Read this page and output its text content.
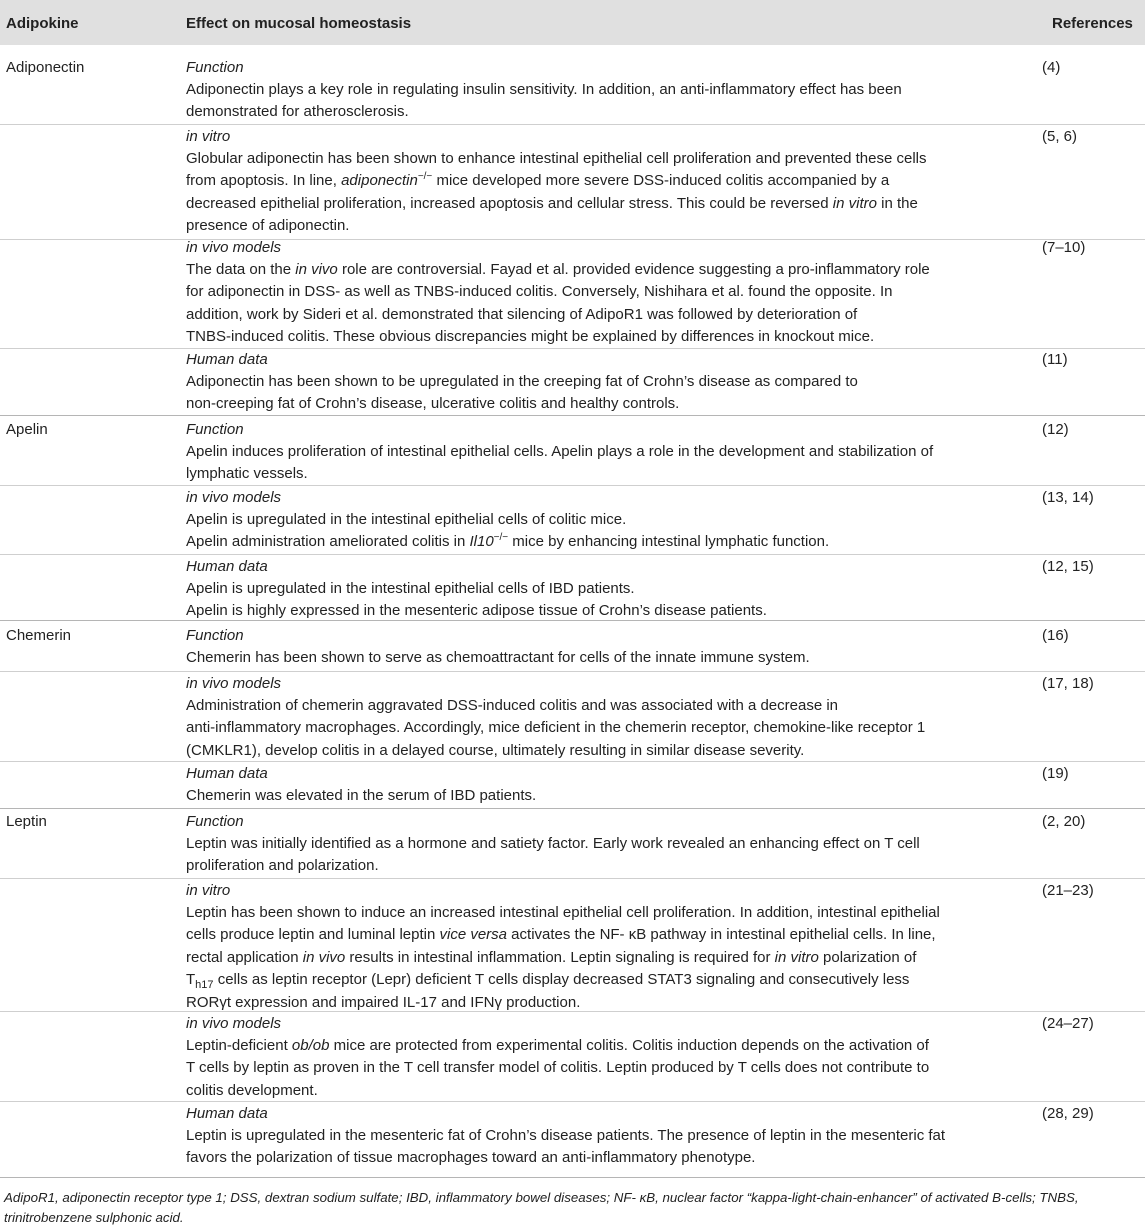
Adipokine	Effect on mucosal homeostasis	References
Adiponectin
Apelin
Chemerin
Leptin
Function
Adiponectin plays a key role in regulating insulin sensitivity. In addition, an anti-inflammatory effect has been
demonstrated for atherosclerosis.
(4)
in vitro
Globular adiponectin has been shown to enhance intestinal epithelial cell proliferation and prevented these cells
from apoptosis. In line, adiponectin−/− mice developed more severe DSS-induced colitis accompanied by a
decreased epithelial proliferation, increased apoptosis and cellular stress. This could be reversed in vitro in the
presence of adiponectin.
(5, 6)
in vivo models
The data on the in vivo role are controversial. Fayad et al. provided evidence suggesting a pro-inflammatory role
for adiponectin in DSS- as well as TNBS-induced colitis. Conversely, Nishihara et al. found the opposite. In
addition, work by Sideri et al. demonstrated that silencing of AdipoR1 was followed by deterioration of
TNBS-induced colitis. These obvious discrepancies might be explained by differences in knockout mice.
(7–10)
Human data
Adiponectin has been shown to be upregulated in the creeping fat of Crohn’s disease as compared to
non-creeping fat of Crohn’s disease, ulcerative colitis and healthy controls.
(11)
Function
Apelin induces proliferation of intestinal epithelial cells. Apelin plays a role in the development and stabilization of
lymphatic vessels.
(12)
in vivo models
Apelin is upregulated in the intestinal epithelial cells of colitic mice.
Apelin administration ameliorated colitis in Il10−/− mice by enhancing intestinal lymphatic function.
(13, 14)
Human data
Apelin is upregulated in the intestinal epithelial cells of IBD patients.
Apelin is highly expressed in the mesenteric adipose tissue of Crohn’s disease patients.
(12, 15)
Function
Chemerin has been shown to serve as chemoattractant for cells of the innate immune system.
(16)
in vivo models
Administration of chemerin aggravated DSS-induced colitis and was associated with a decrease in
anti-inflammatory macrophages. Accordingly, mice deficient in the chemerin receptor, chemokine-like receptor 1
(CMKLR1), develop colitis in a delayed course, ultimately resulting in similar disease severity.
(17, 18)
Human data
Chemerin was elevated in the serum of IBD patients.
(19)
Function
Leptin was initially identified as a hormone and satiety factor. Early work revealed an enhancing effect on T cell
proliferation and polarization.
(2, 20)
in vitro
Leptin has been shown to induce an increased intestinal epithelial cell proliferation. In addition, intestinal epithelial
cells produce leptin and luminal leptin vice versa activates the NF- κB pathway in intestinal epithelial cells. In line,
rectal application in vivo results in intestinal inflammation. Leptin signaling is required for in vitro polarization of
$T_{h17}$ cells as leptin receptor (Lepr) deficient T cells display decreased STAT3 signaling and consecutively less
RORγt expression and impaired IL-17 and IFNγ production.
(21–23)
in vivo models
Leptin-deficient ob/ob mice are protected from experimental colitis. Colitis induction depends on the activation of
T cells by leptin as proven in the T cell transfer model of colitis. Leptin produced by T cells does not contribute to
colitis development.
(24–27)
Human data
Leptin is upregulated in the mesenteric fat of Crohn’s disease patients. The presence of leptin in the mesenteric fat
favors the polarization of tissue macrophages toward an anti-inflammatory phenotype.
(28, 29)
AdipoR1, adiponectin receptor type 1; DSS, dextran sodium sulfate; IBD, inflammatory bowel diseases; NF- κB, nuclear factor “kappa-light-chain-enhancer” of activated B-cells; TNBS,
trinitrobenzene sulphonic acid.
